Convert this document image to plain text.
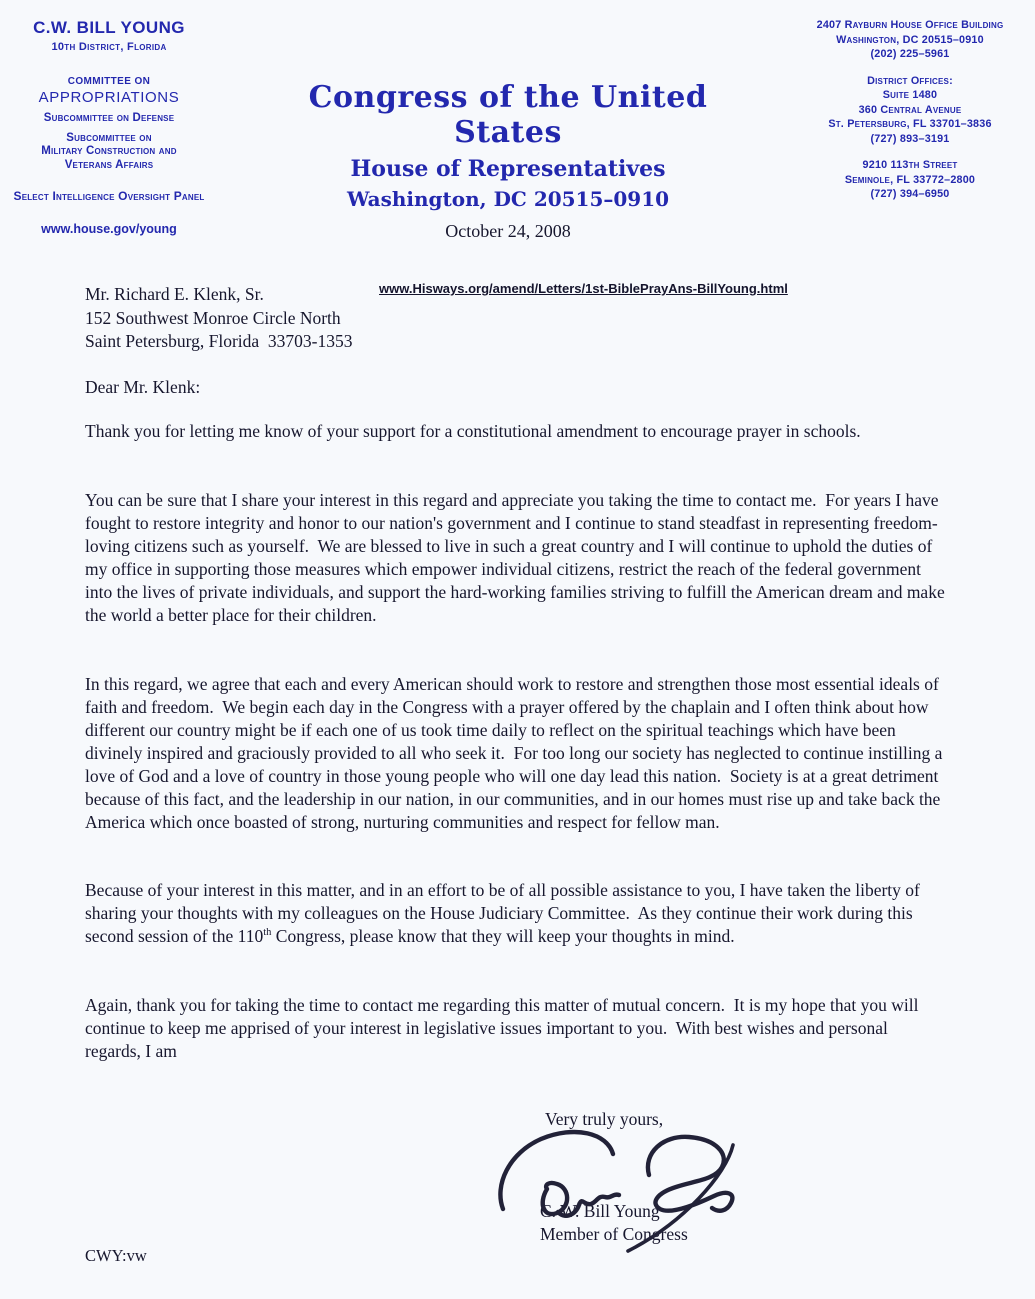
C.W. BILL YOUNG
10th District, Florida
COMMITTEE ON
APPROPRIATIONS
Subcommittee on Defense
Subcommittee on
Military Construction and
Veterans Affairs
Select Intelligence Oversight Panel
www.house.gov/young
Congress of the United States
House of Representatives
Washington, DC 20515–0910
October 24, 2008
2407 Rayburn House Office Building
Washington, DC 20515–0910
(202) 225–5961
District Offices:
Suite 1480
360 Central Avenue
St. Petersburg, FL 33701–3836
(727) 893–3191
9210 113th Street
Seminole, FL 33772–2800
(727) 394–6950
www.Hisways.org/amend/Letters/1st-BiblePrayAns-BillYoung.html
Mr. Richard E. Klenk, Sr.
152 Southwest Monroe Circle North
Saint Petersburg, Florida  33703-1353
Dear Mr. Klenk:
Thank you for letting me know of your support for a constitutional amendment to encourage prayer in schools.
You can be sure that I share your interest in this regard and appreciate you taking the time to contact me.  For years I have fought to restore integrity and honor to our nation's government and I continue to stand steadfast in representing freedom-loving citizens such as yourself.  We are blessed to live in such a great country and I will continue to uphold the duties of my office in supporting those measures which empower individual citizens, restrict the reach of the federal government into the lives of private individuals, and support the hard-working families striving to fulfill the American dream and make the world a better place for their children.
In this regard, we agree that each and every American should work to restore and strengthen those most essential ideals of faith and freedom.  We begin each day in the Congress with a prayer offered by the chaplain and I often think about how different our country might be if each one of us took time daily to reflect on the spiritual teachings which have been divinely inspired and graciously provided to all who seek it.  For too long our society has neglected to continue instilling a love of God and a love of country in those young people who will one day lead this nation.  Society is at a great detriment because of this fact, and the leadership in our nation, in our communities, and in our homes must rise up and take back the America which once boasted of strong, nurturing communities and respect for fellow man.
Because of your interest in this matter, and in an effort to be of all possible assistance to you, I have taken the liberty of sharing your thoughts with my colleagues on the House Judiciary Committee.  As they continue their work during this second session of the 110th Congress, please know that they will keep your thoughts in mind.
Again, thank you for taking the time to contact me regarding this matter of mutual concern.  It is my hope that you will continue to keep me apprised of your interest in legislative issues important to you.  With best wishes and personal regards, I am
Very truly yours,
C. W. Bill Young
Member of Congress
CWY:vw
